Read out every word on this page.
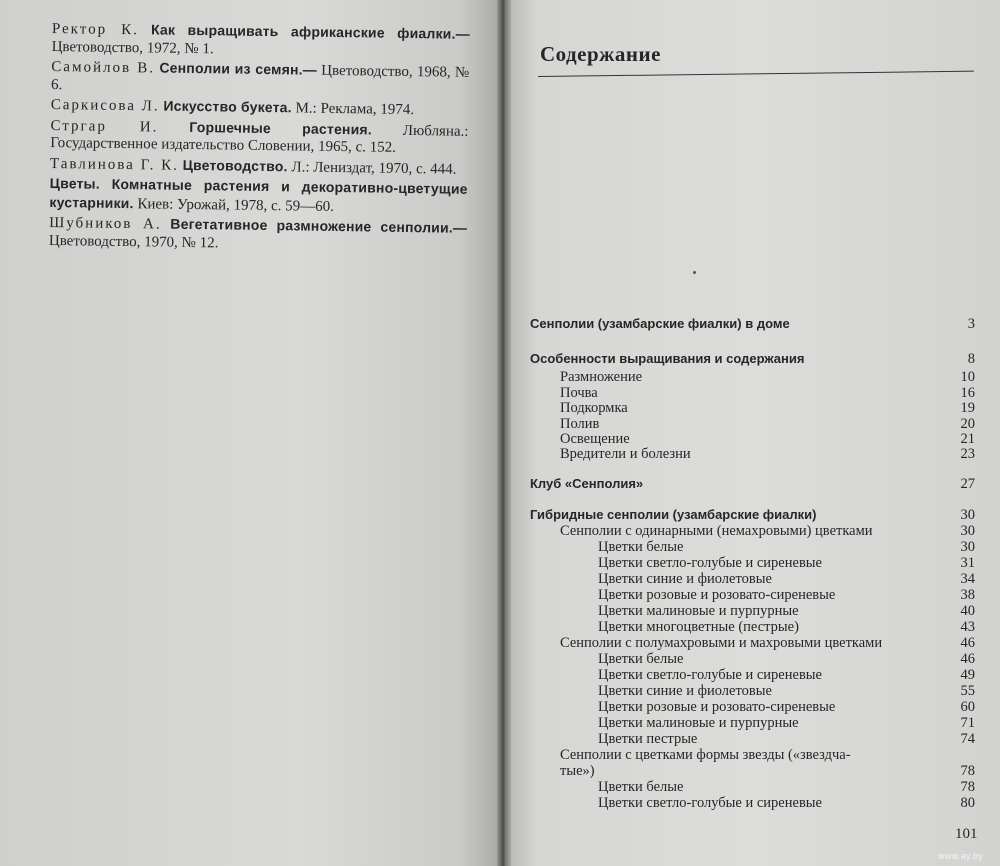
Ректор К. Как выращивать африканские фиалки.— Цветоводство, 1972, № 1.

Самойлов В. Сенполии из семян.— Цветоводство, 1968, № 6.

Саркисова Л. Искусство букета. М.: Реклама, 1974.

Стргар И. Горшечные растения. Любляна.: Государственное издательство Словении, 1965, с. 152.

Тавлинова Г. К. Цветоводство. Л.: Лениздат, 1970, с. 444.

Цветы. Комнатные растения и декоративно-цветущие кустарники. Киев: Урожай, 1978, с. 59—60.

Шубников А. Вегетативное размножение сенполии.— Цветоводство, 1970, № 12.

Содержание
Сенполии (узамбарские фиалки) в доме	3
Особенности выращивания и содержания	8
Размножение	10
Почва	16
Подкормка	19
Полив	20
Освещение	21
Вредители и болезни	23
Клуб «Сенполия»	27
Гибридные сенполии (узамбарские фиалки)	30
Сенполии с одинарными (немахровыми) цветками	30
Цветки белые	30
Цветки светло-голубые и сиреневые	31
Цветки синие и фиолетовые	34
Цветки розовые и розовато-сиреневые	38
Цветки малиновые и пурпурные	40
Цветки многоцветные (пестрые)	43
Сенполии с полумахровыми и махровыми цветками	46
Цветки белые	46
Цветки светло-голубые и сиреневые	49
Цветки синие и фиолетовые	55
Цветки розовые и розовато-сиреневые	60
Цветки малиновые и пурпурные	71
Цветки пестрые	74
Сенполии с цветками формы звезды («звездча-
тые»)	78
Цветки белые	78
Цветки светло-голубые и сиреневые	80
101
www.ay.by
